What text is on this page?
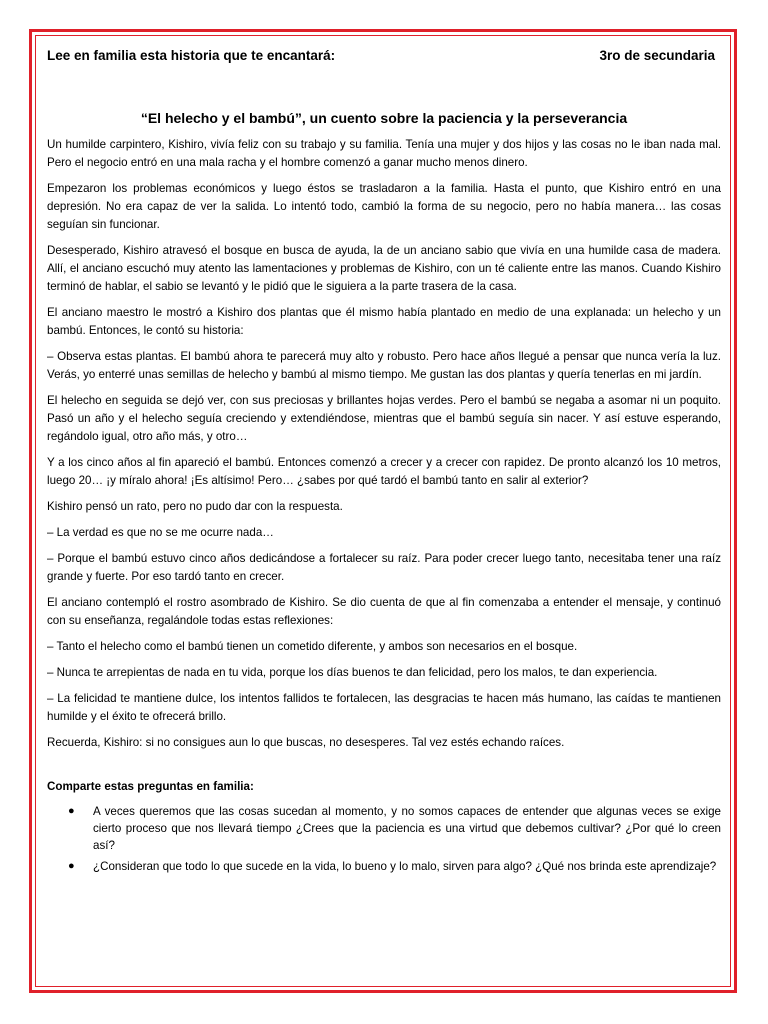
Lee en familia esta historia que te encantará:	3ro de secundaria
“El helecho y el bambú”, un cuento sobre la paciencia y la perseverancia

Un humilde carpintero, Kishiro, vivía feliz con su trabajo y su familia. Tenía una mujer y dos hijos y las cosas no le iban nada mal. Pero el negocio entró en una mala racha y el hombre comenzó a ganar mucho menos dinero.

Empezaron los problemas económicos y luego éstos se trasladaron a la familia. Hasta el punto, que Kishiro entró en una depresión. No era capaz de ver la salida. Lo intentó todo, cambió la forma de su negocio, pero no había manera… las cosas seguían sin funcionar.

Desesperado, Kishiro atravesó el bosque en busca de ayuda, la de un anciano sabio que vivía en una humilde casa de madera. Allí, el anciano escuchó muy atento las lamentaciones y problemas de Kishiro, con un té caliente entre las manos. Cuando Kishiro terminó de hablar, el sabio se levantó y le pidió que le siguiera a la parte trasera de la casa.

El anciano maestro le mostró a Kishiro dos plantas que él mismo había plantado en medio de una explanada: un helecho y un bambú. Entonces, le contó su historia:

– Observa estas plantas. El bambú ahora te parecerá muy alto y robusto. Pero hace años llegué a pensar que nunca vería la luz. Verás, yo enterré unas semillas de helecho y bambú al mismo tiempo. Me gustan las dos plantas y quería tenerlas en mi jardín.

El helecho en seguida se dejó ver, con sus preciosas y brillantes hojas verdes. Pero el bambú se negaba a asomar ni un poquito. Pasó un año y el helecho seguía creciendo y extendiéndose, mientras que el bambú seguía sin nacer. Y así estuve esperando, regándolo igual, otro año más, y otro…

Y a los cinco años al fin apareció el bambú. Entonces comenzó a crecer y a crecer con rapidez. De pronto alcanzó los 10 metros, luego 20… ¡y míralo ahora! ¡Es altísimo! Pero… ¿sabes por qué tardó el bambú tanto en salir al exterior?

Kishiro pensó un rato, pero no pudo dar con la respuesta.

– La verdad es que no se me ocurre nada…

– Porque el bambú estuvo cinco años dedicándose a fortalecer su raíz. Para poder crecer luego tanto, necesitaba tener una raíz grande y fuerte. Por eso tardó tanto en crecer.

El anciano contempló el rostro asombrado de Kishiro. Se dio cuenta de que al fin comenzaba a entender el mensaje, y continuó con su enseñanza, regalándole todas estas reflexiones:

– Tanto el helecho como el bambú tienen un cometido diferente, y ambos son necesarios en el bosque.

– Nunca te arrepientas de nada en tu vida, porque los días buenos te dan felicidad, pero los malos, te dan experiencia.

– La felicidad te mantiene dulce, los intentos fallidos te fortalecen, las desgracias te hacen más humano, las caídas te mantienen humilde y el éxito te ofrecerá brillo.

Recuerda, Kishiro: si no consigues aun lo que buscas, no desesperes. Tal vez estés echando raíces.

Comparte estas preguntas en familia:
● A veces queremos que las cosas sucedan al momento, y no somos capaces de entender que algunas veces se exige cierto proceso que nos llevará tiempo ¿Crees que la paciencia es una virtud que debemos cultivar? ¿Por qué lo creen así?
● ¿Consideran que todo lo que sucede en la vida, lo bueno y lo malo, sirven para algo? ¿Qué nos brinda este aprendizaje?
